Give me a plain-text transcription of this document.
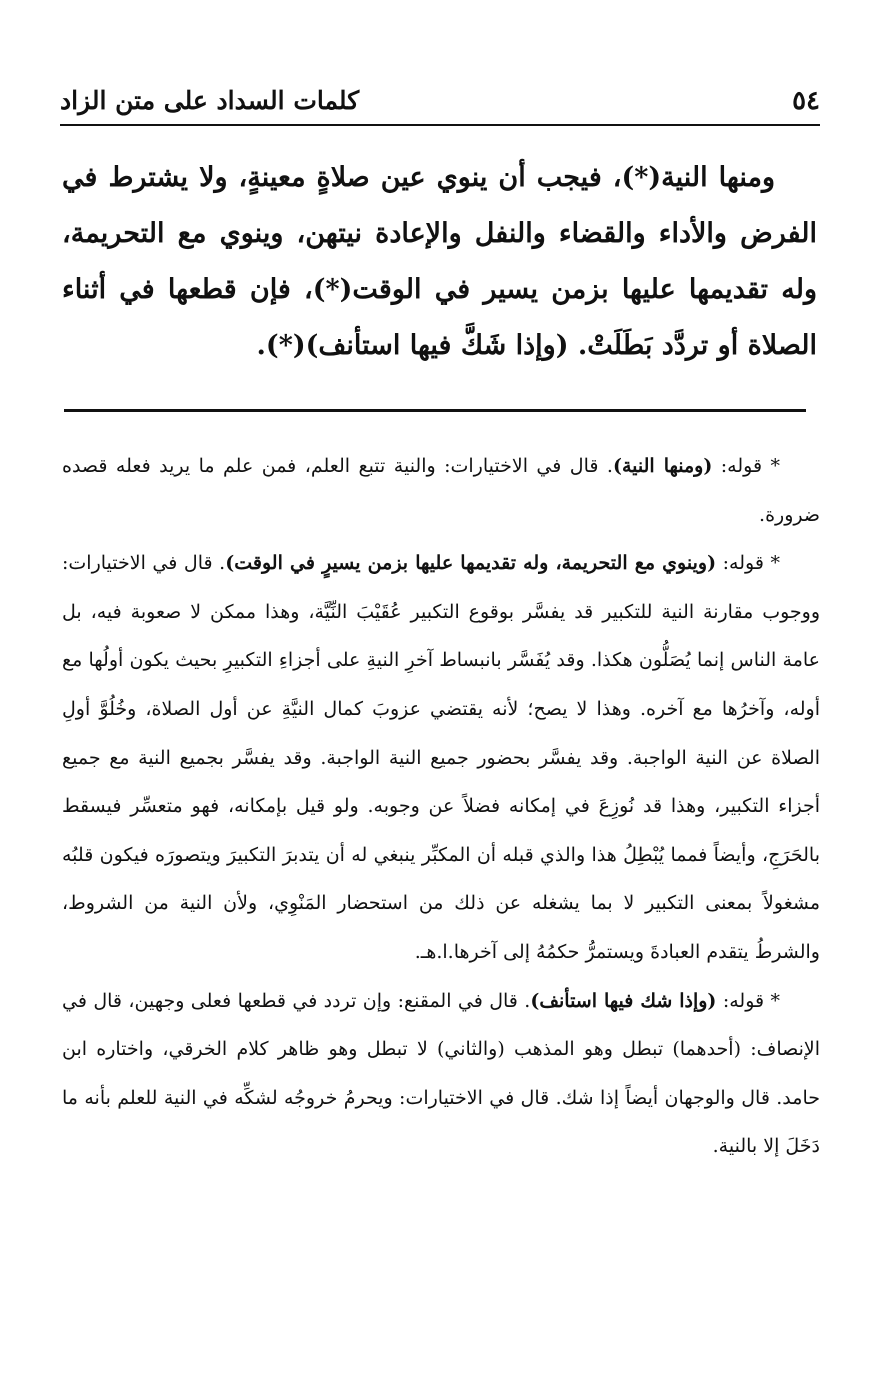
٥٤
كلمات السداد على متن الزاد

ومنها النية(*)، فيجب أن ينوي عين صلاةٍ معينةٍ، ولا يشترط في الفرض والأداء والقضاء والنفل والإعادة نيتهن، وينوي مع التحريمة، وله تقديمها عليها بزمن يسير في الوقت(*)، فإن قطعها في أثناء الصلاة أو تردَّد بَطَلَتْ. (وإذا شَكَّ فيها استأنف)(*).

* قوله: (ومنها النية). قال في الاختيارات: والنية تتبع العلم، فمن علم ما يريد فعله قصده ضرورة.

* قوله: (وينوي مع التحريمة، وله تقديمها عليها بزمن يسيرٍ في الوقت). قال في الاختيارات: ووجوب مقارنة النية للتكبير قد يفسَّر بوقوع التكبير عُقَيْبَ النِّيَّة، وهذا ممكن لا صعوبة فيه، بل عامة الناس إنما يُصَلُّون هكذا. وقد يُفَسَّر بانبساط آخرِ النيةِ على أجزاءِ التكبيرِ بحيث يكون أولُها مع أوله، وآخرُها مع آخره. وهذا لا يصح؛ لأنه يقتضي عزوبَ كمال النيَّةِ عن أول الصلاة، وخُلُوَّ أولِ الصلاة عن النية الواجبة. وقد يفسَّر بحضور جميع النية الواجبة. وقد يفسَّر بجميع النية مع جميع أجزاء التكبير، وهذا قد نُوزِعَ في إمكانه فضلاً عن وجوبه. ولو قيل بإمكانه، فهو متعسِّر فيسقط بالحَرَجِ، وأيضاً فمما يُبْطِلُ هذا والذي قبله أن المكبِّر ينبغي له أن يتدبرَ التكبيرَ ويتصورَه فيكون قلبُه مشغولاً بمعنى التكبير لا بما يشغله عن ذلك من استحضار المَنْوِي، ولأن النية من الشروط، والشرطُ يتقدم العبادةَ ويستمرُّ حكمُهُ إلى آخرها.ا.هـ.

* قوله: (وإذا شك فيها استأنف). قال في المقنع: وإن تردد في قطعها فعلى وجهين، قال في الإنصاف: (أحدهما) تبطل وهو المذهب (والثاني) لا تبطل وهو ظاهر كلام الخرقي، واختاره ابن حامد. قال والوجهان أيضاً إذا شك. قال في الاختيارات: ويحرمُ خروجُه لشكِّه في النية للعلم بأنه ما دَخَلَ إلا بالنية.
